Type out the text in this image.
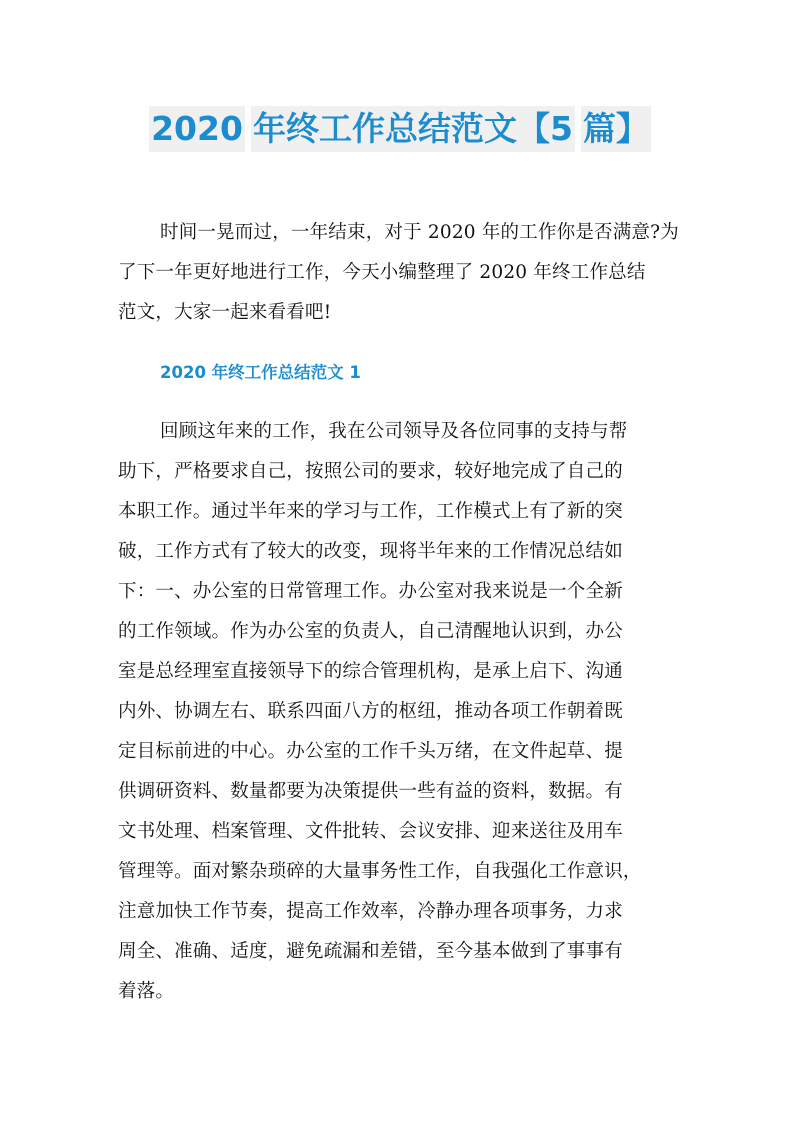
2020 年终工作总结范文【5 篇】
时间一晃而过，一年结束，对于 2020 年的工作你是否满意?为
了下一年更好地进行工作，今天小编整理了 2020 年终工作总结
范文，大家一起来看看吧!
2020 年终工作总结范文 1
回顾这年来的工作，我在公司领导及各位同事的支持与帮
助下，严格要求自己，按照公司的要求，较好地完成了自己的
本职工作。通过半年来的学习与工作，工作模式上有了新的突
破，工作方式有了较大的改变，现将半年来的工作情况总结如
下：一、办公室的日常管理工作。办公室对我来说是一个全新
的工作领域。作为办公室的负责人，自己清醒地认识到，办公
室是总经理室直接领导下的综合管理机构，是承上启下、沟通
内外、协调左右、联系四面八方的枢纽，推动各项工作朝着既
定目标前进的中心。办公室的工作千头万绪，在文件起草、提
供调研资料、数量都要为决策提供一些有益的资料，数据。有
文书处理、档案管理、文件批转、会议安排、迎来送往及用车
管理等。面对繁杂琐碎的大量事务性工作，自我强化工作意识，
注意加快工作节奏，提高工作效率，冷静办理各项事务，力求
周全、准确、适度，避免疏漏和差错，至今基本做到了事事有
着落。
